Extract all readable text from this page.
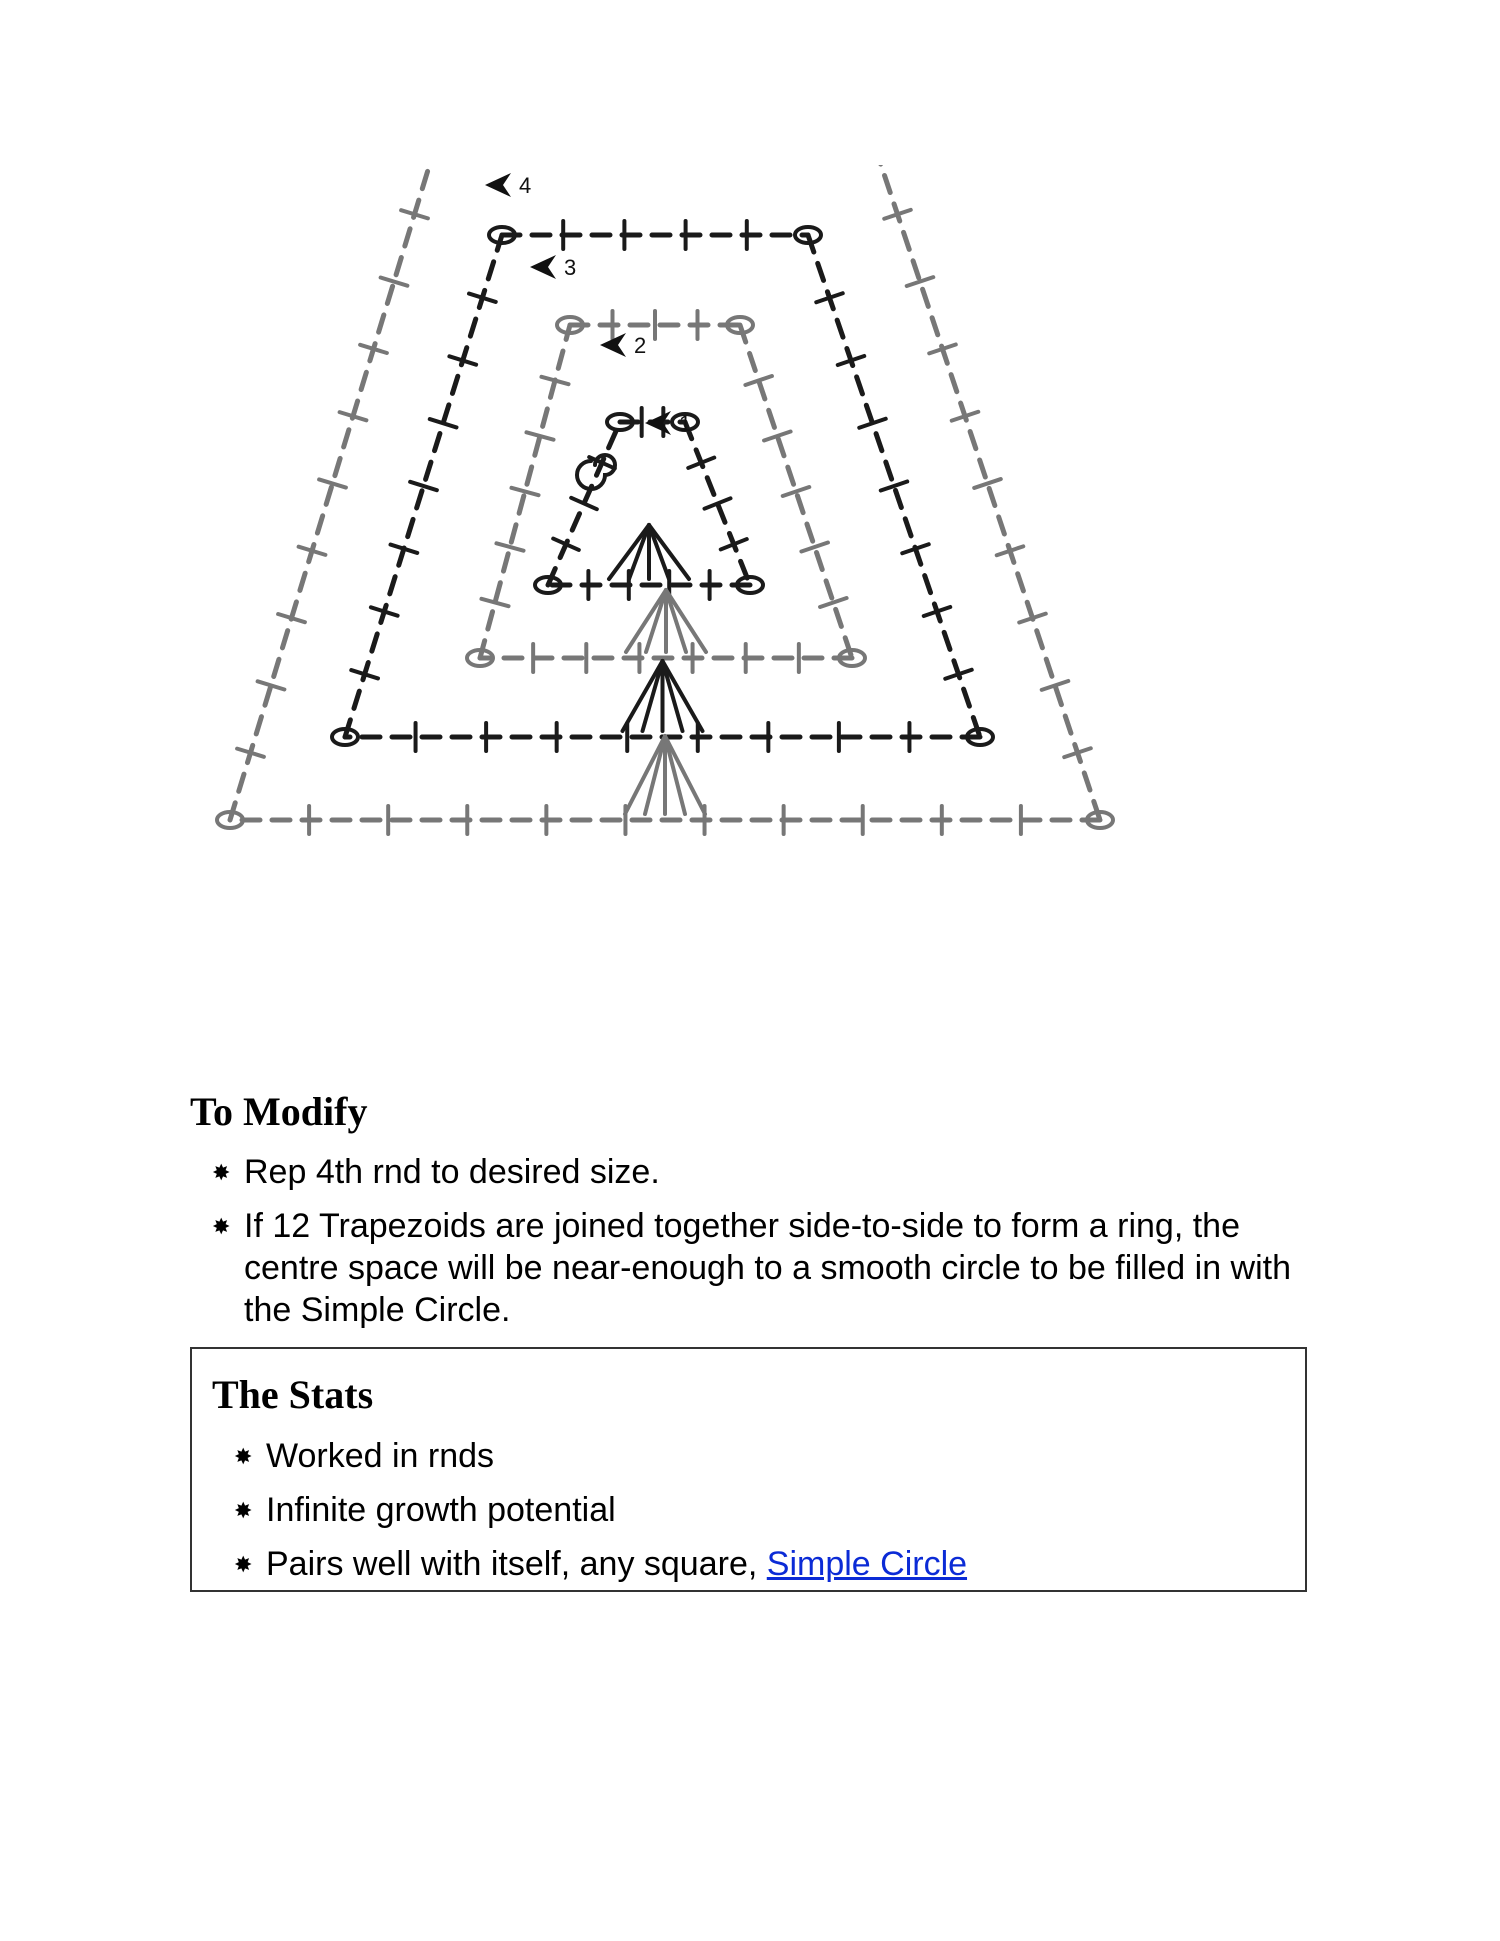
1
2
3
4
To Modify
✸ Rep 4th rnd to desired size.
✸ If 12 Trapezoids are joined together side-to-side to form a ring, the centre space will be near-enough to a smooth circle to be filled in with the Simple Circle.
The Stats
✸ Worked in rnds
✸ Infinite growth potential
✸ Pairs well with itself, any square, Simple Circle
